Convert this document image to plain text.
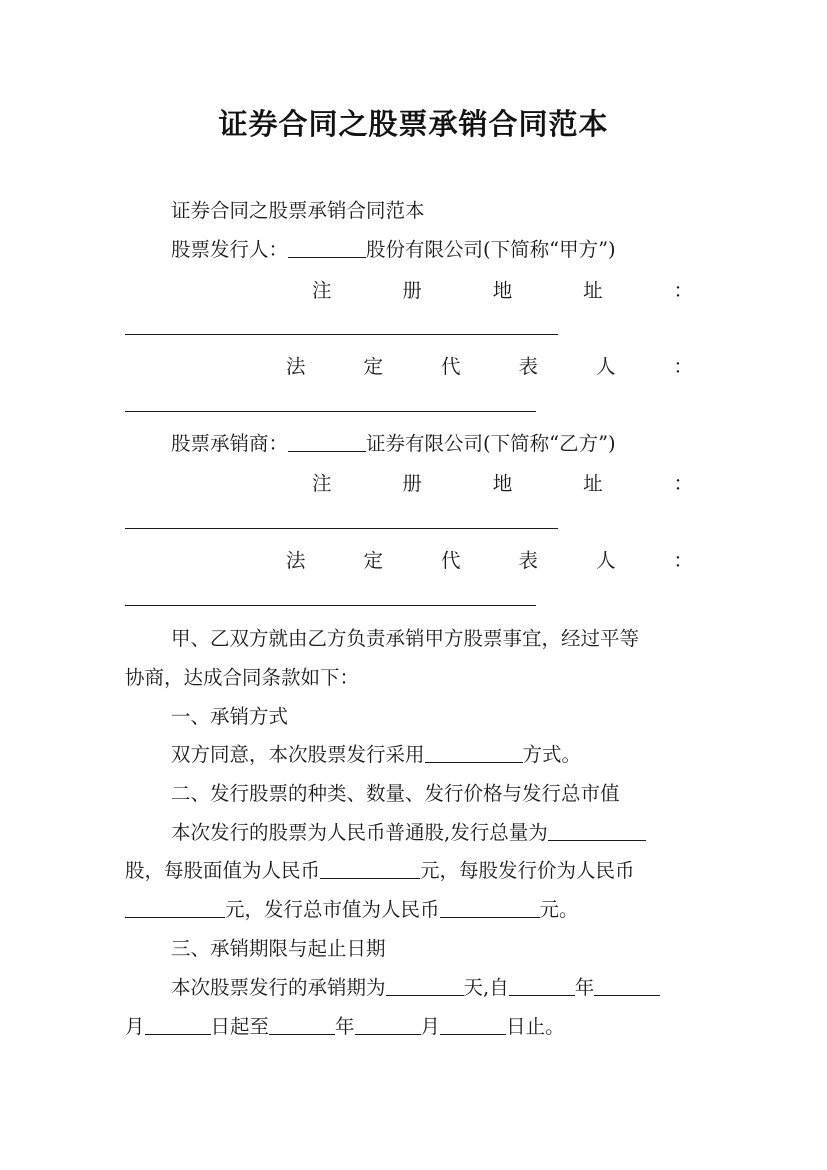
证券合同之股票承销合同范本
证券合同之股票承销合同范本
股票发行人：	股份有限公司(下简称“甲方”)
注	册	地	址	：
法	定	代	表	人	：
股票承销商：	证券有限公司(下简称“乙方”)
注	册	地	址	：
法	定	代	表	人	：
甲、乙双方就由乙方负责承销甲方股票事宜，经过平等
协商，达成合同条款如下：
一、承销方式
双方同意，本次股票发行采用	方式。
二、发行股票的种类、数量、发行价格与发行总市值
本次发行的股票为人民币普通股,发行总量为
股，每股面值为人民币	元，每股发行价为人民币
元，发行总市值为人民币	元。
三、承销期限与起止日期
本次股票发行的承销期为	天,自	年
月	日起至	年	月	日止。
